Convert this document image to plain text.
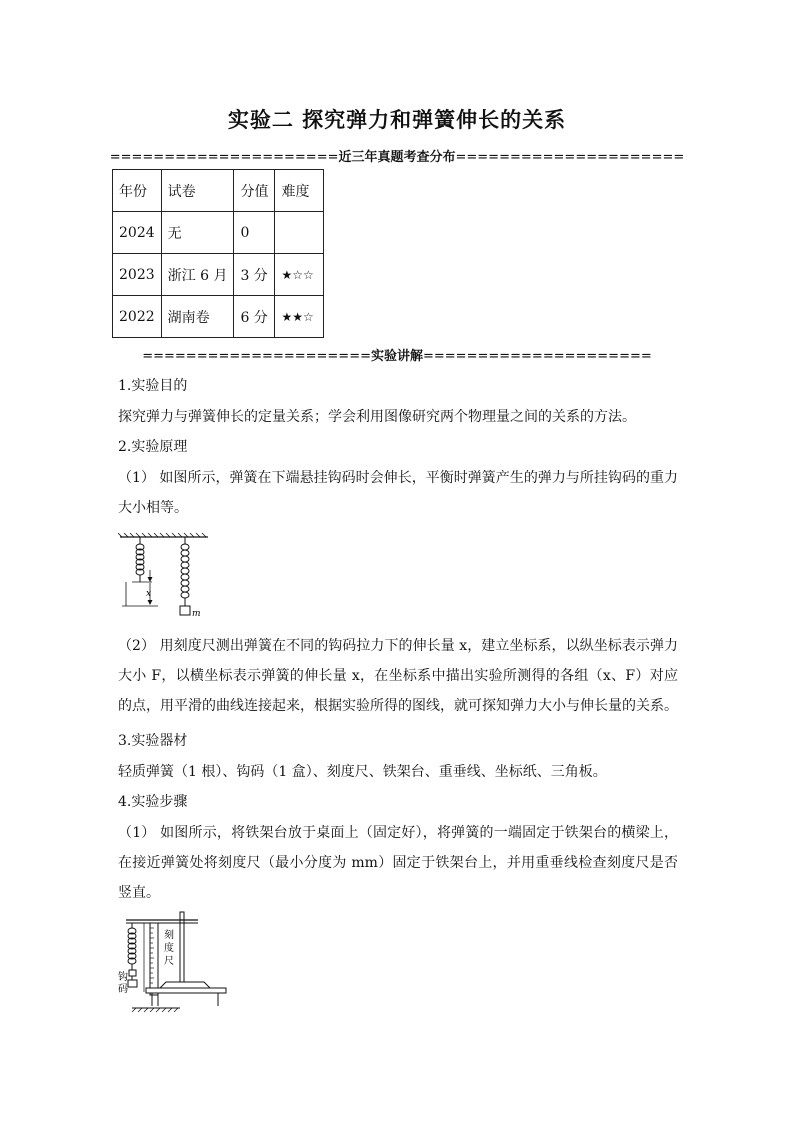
实验二 探究弹力和弹簧伸长的关系
=====================近三年真题考查分布=====================
年份	试卷	分值	难度
2024	无	0	
2023	浙江 6 月	3 分	★☆☆
2022	湖南卷	6 分	★★☆
=====================实验讲解=====================
1.实验目的
探究弹力与弹簧伸长的定量关系；学会利用图像研究两个物理量之间的关系的方法。
2.实验原理
（1） 如图所示，弹簧在下端悬挂钩码时会伸长，平衡时弹簧产生的弹力与所挂钩码的重力大小相等。
x
m
（2） 用刻度尺测出弹簧在不同的钩码拉力下的伸长量 x，建立坐标系，以纵坐标表示弹力大小 F，以横坐标表示弹簧的伸长量 x，在坐标系中描出实验所测得的各组（x、F）对应的点，用平滑的曲线连接起来，根据实验所得的图线，就可探知弹力大小与伸长量的关系。
3.实验器材
轻质弹簧（1 根）、钩码（1 盒）、刻度尺、铁架台、重垂线、坐标纸、三角板。
4.实验步骤
（1） 如图所示，将铁架台放于桌面上（固定好），将弹簧的一端固定于铁架台的横梁上，在接近弹簧处将刻度尺（最小分度为 mm）固定于铁架台上，并用重垂线检查刻度尺是否竖直。
刻 度 尺
钩 码
